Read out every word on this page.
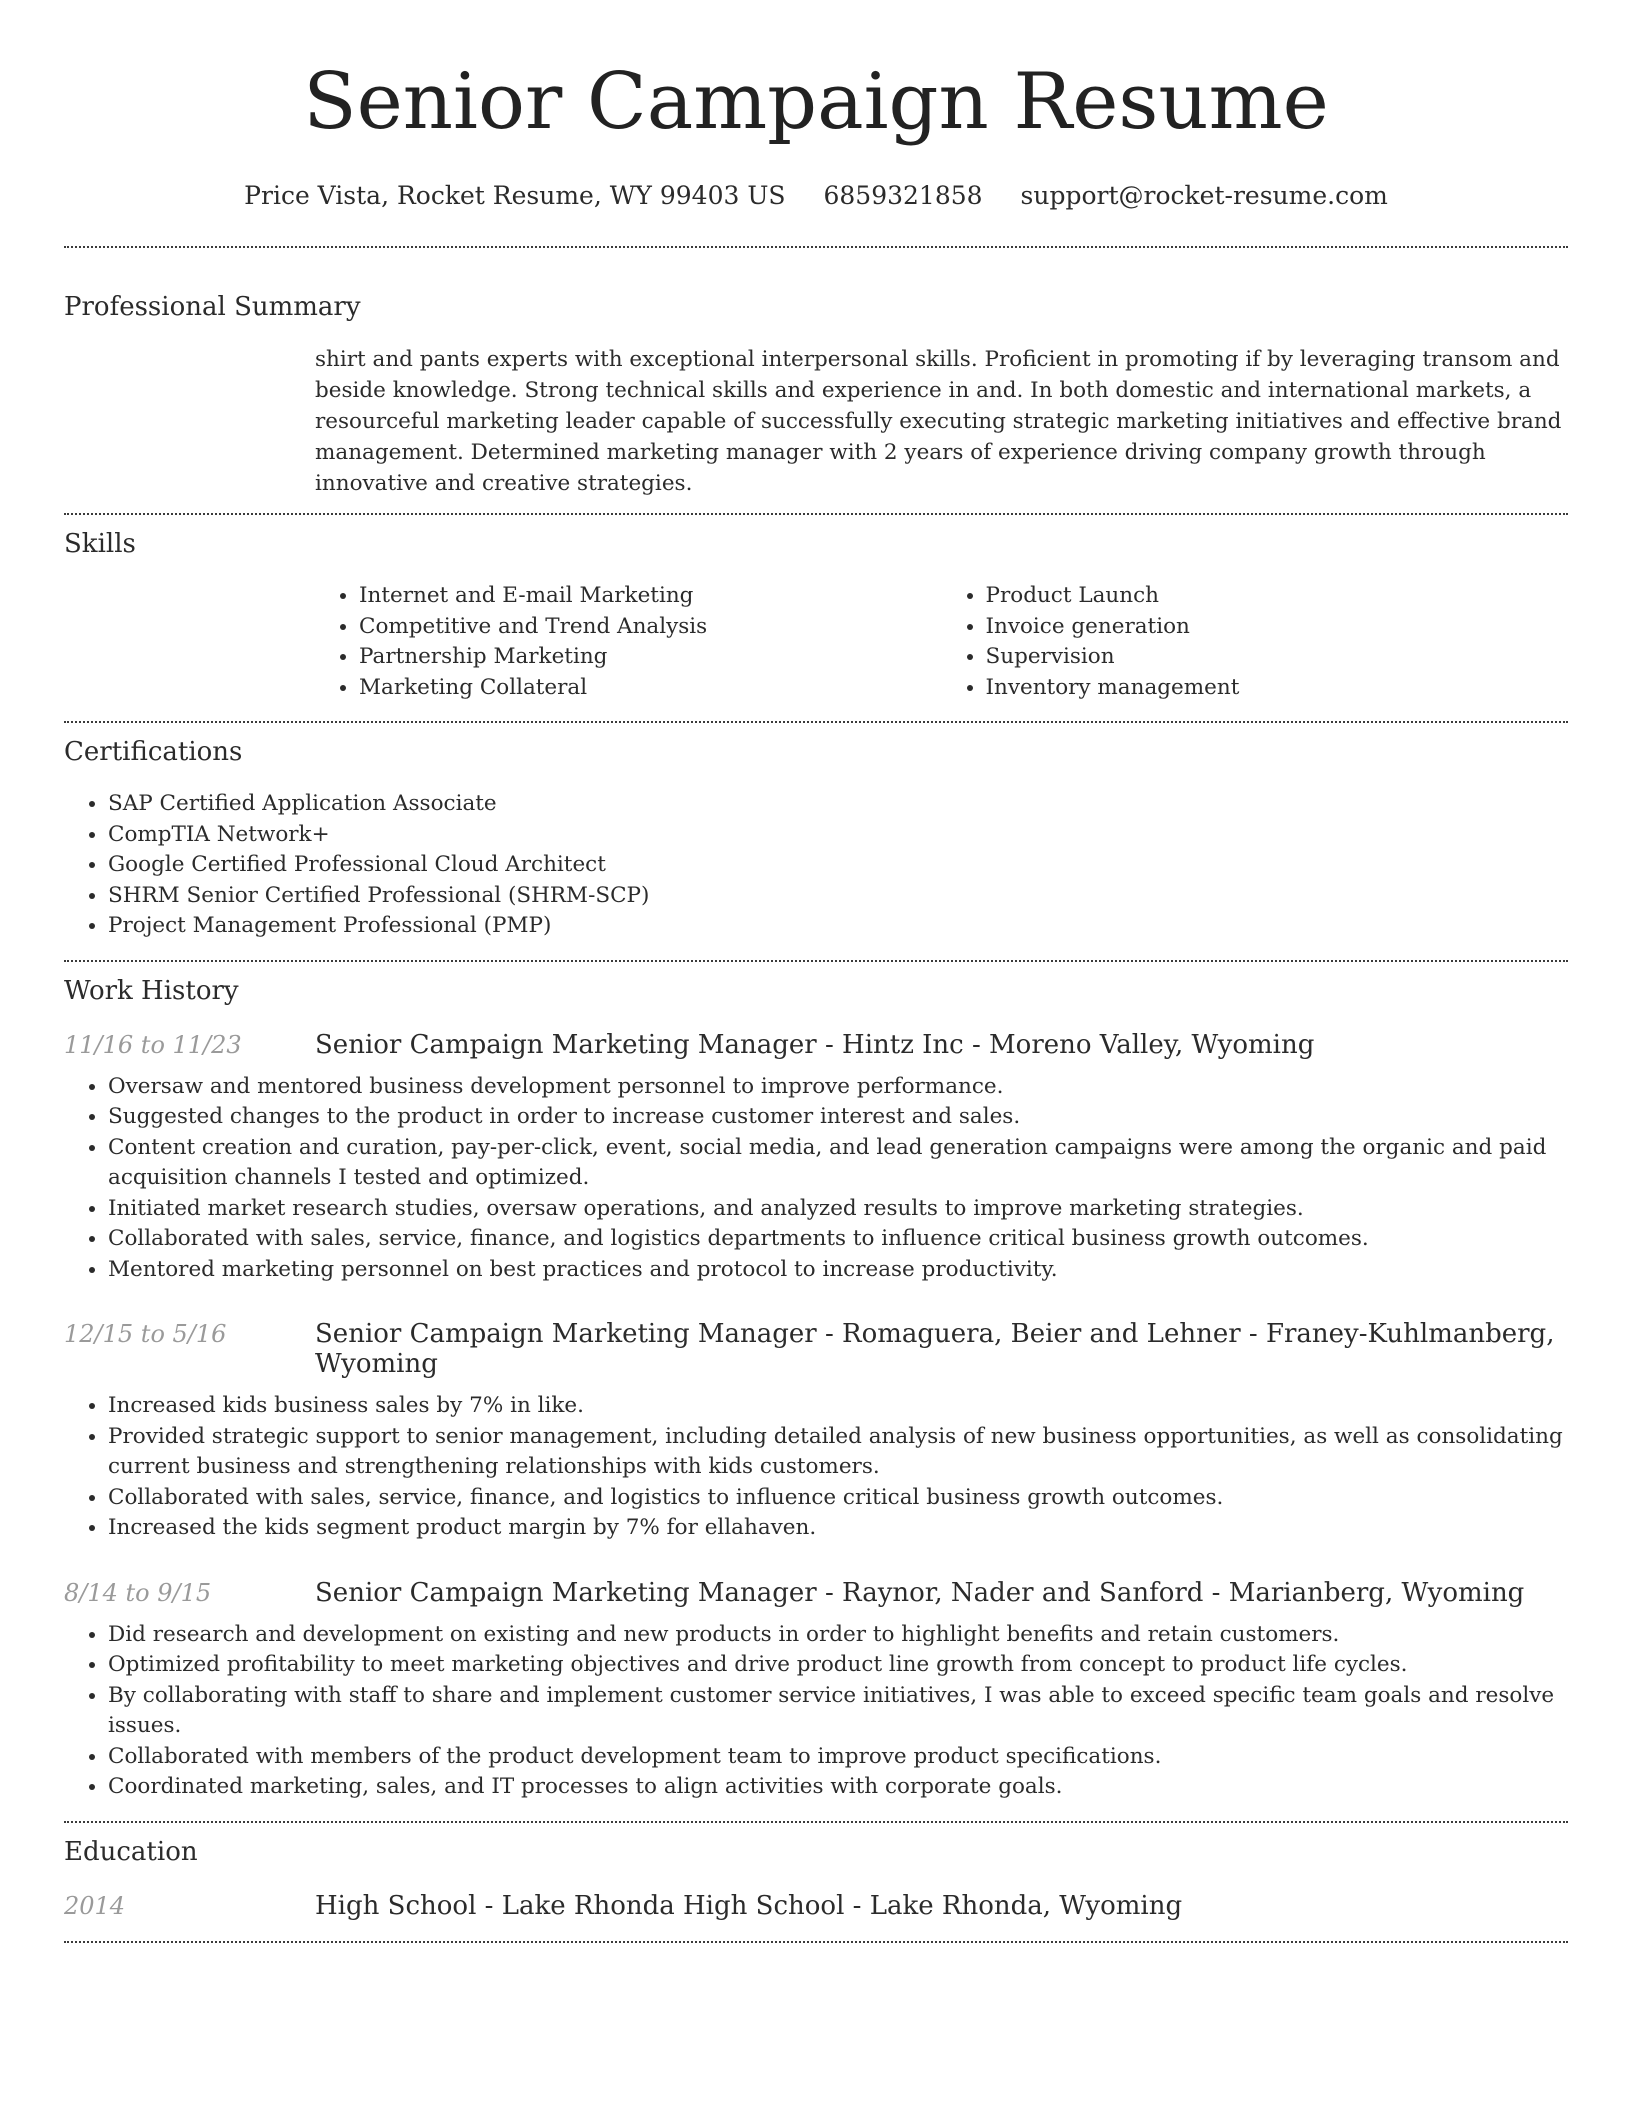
Senior Campaign Resume
Price Vista, Rocket Resume, WY 99403 US 6859321858 support@rocket-resume.com
Professional Summary

shirt and pants experts with exceptional interpersonal skills. Proficient in promoting if by leveraging transom and beside knowledge. Strong technical skills and experience in and. In both domestic and international markets, a resourceful marketing leader capable of successfully executing strategic marketing initiatives and effective brand management. Determined marketing manager with 2 years of experience driving company growth through innovative and creative strategies.

Skills
• Internet and E-mail Marketing
• Competitive and Trend Analysis
• Partnership Marketing
• Marketing Collateral
• Product Launch
• Invoice generation
• Supervision
• Inventory management
Certifications
• SAP Certified Application Associate
• CompTIA Network+
• Google Certified Professional Cloud Architect
• SHRM Senior Certified Professional (SHRM-SCP)
• Project Management Professional (PMP)
Work History
11/16 to 11/23	Senior Campaign Marketing Manager - Hintz Inc - Moreno Valley, Wyoming
• Oversaw and mentored business development personnel to improve performance.
• Suggested changes to the product in order to increase customer interest and sales.
• Content creation and curation, pay-per-click, event, social media, and lead generation campaigns were among the organic and paid acquisition channels I tested and optimized.
• Initiated market research studies, oversaw operations, and analyzed results to improve marketing strategies.
• Collaborated with sales, service, finance, and logistics departments to influence critical business growth outcomes.
• Mentored marketing personnel on best practices and protocol to increase productivity.
12/15 to 5/16	Senior Campaign Marketing Manager - Romaguera, Beier and Lehner - Franey-Kuhlmanberg, Wyoming
• Increased kids business sales by 7% in like.
• Provided strategic support to senior management, including detailed analysis of new business opportunities, as well as consolidating current business and strengthening relationships with kids customers.
• Collaborated with sales, service, finance, and logistics to influence critical business growth outcomes.
• Increased the kids segment product margin by 7% for ellahaven.
8/14 to 9/15	Senior Campaign Marketing Manager - Raynor, Nader and Sanford - Marianberg, Wyoming
• Did research and development on existing and new products in order to highlight benefits and retain customers.
• Optimized profitability to meet marketing objectives and drive product line growth from concept to product life cycles.
• By collaborating with staff to share and implement customer service initiatives, I was able to exceed specific team goals and resolve issues.
• Collaborated with members of the product development team to improve product specifications.
• Coordinated marketing, sales, and IT processes to align activities with corporate goals.
Education
2014	High School - Lake Rhonda High School - Lake Rhonda, Wyoming
